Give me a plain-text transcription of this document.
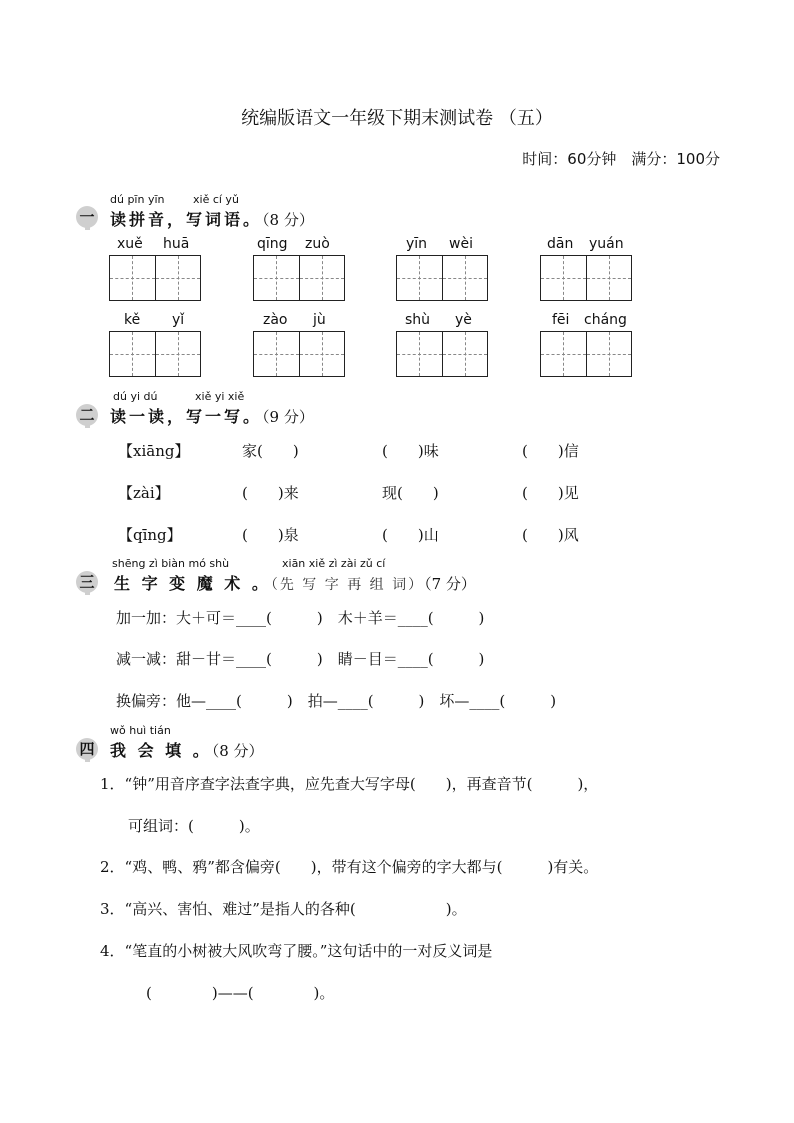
统编版语文一年级下期末测试卷 （五）
时间：60分钟　满分：100分
一
dú pīn yīn	xiě cí yǔ
读拼音，写词语。（8 分）
xuě huā	qīng zuò	yīn wèi	dān yuán
kě yǐ	zào jù	shù yè	fēi cháng
二
dú yi dú	xiě yi xiě
读一读，写一写。（9 分）
【xiāng】	家(　　)	(　　)味	(　　)信
【zài】	(　　)来	现(　　)	(　　)见
【qīng】	(　　)泉	(　　)山	(　　)风
三
shēng zì biàn mó shù	xiān xiě zì zài zǔ cí
生 字 变 魔 术 。（先 写 字 再 组 词）（7 分）
加一加：大＋可＝____(　　　)　木＋羊＝____(　　　)
减一减：甜－甘＝____(　　　)　睛－目＝____(　　　)
换偏旁：他—____(　　　)　拍—____(　　　)　坏—____(　　　)
四
wǒ huì tián
我 会 填 。（8 分）
1．“钟”用音序查字法查字典，应先查大写字母(　　)，再查音节(　　　)，
可组词：(　　　)。
2．“鸡、鸭、鸦”都含偏旁(　　)，带有这个偏旁的字大都与(　　　)有关。
3．“高兴、害怕、难过”是指人的各种(　　　　　　)。
4．“笔直的小树被大风吹弯了腰。”这句话中的一对反义词是
(　　　　)——(　　　　)。
